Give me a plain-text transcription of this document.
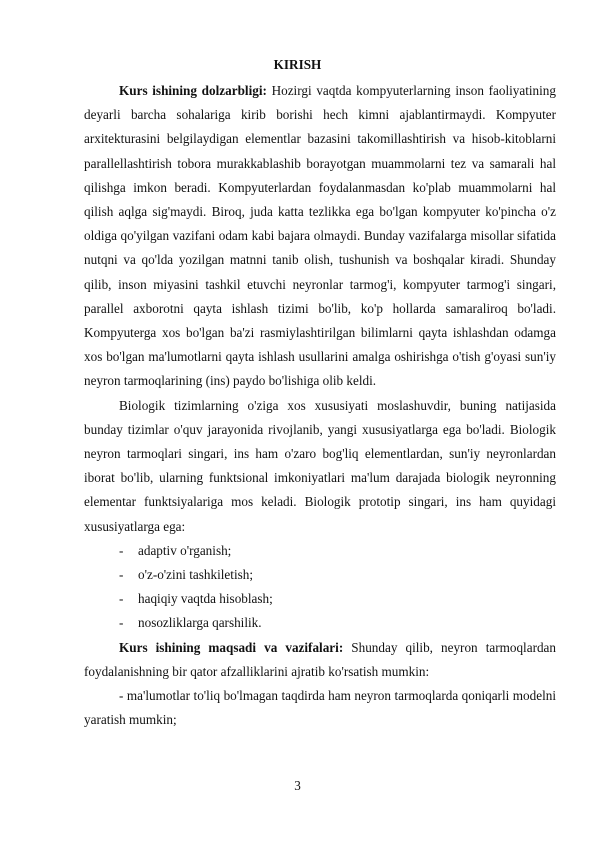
KIRISH

Kurs ishining dolzarbligi: Hozirgi vaqtda kompyuterlarning inson faoliyatining deyarli barcha sohalariga kirib borishi hech kimni ajablantirmaydi. Kompyuter arxitekturasini belgilaydigan elementlar bazasini takomillashtirish va hisob-kitoblarni parallellashtirish tobora murakkablashib borayotgan muammolarni tez va samarali hal qilishga imkon beradi. Kompyuterlardan foydalanmasdan ko'plab muammolarni hal qilish aqlga sig'maydi. Biroq, juda katta tezlikka ega bo'lgan kompyuter ko'pincha o'z oldiga qo'yilgan vazifani odam kabi bajara olmaydi. Bunday vazifalarga misollar sifatida nutqni va qo'lda yozilgan matnni tanib olish, tushunish va boshqalar kiradi. Shunday qilib, inson miyasini tashkil etuvchi neyronlar tarmog'i, kompyuter tarmog'i singari, parallel axborotni qayta ishlash tizimi bo'lib, ko'p hollarda samaraliroq bo'ladi. Kompyuterga xos bo'lgan ba'zi rasmiylashtirilgan bilimlarni qayta ishlashdan odamga xos bo'lgan ma'lumotlarni qayta ishlash usullarini amalga oshirishga o'tish g'oyasi sun'iy neyron tarmoqlarining (ins) paydo bo'lishiga olib keldi.

Biologik tizimlarning o'ziga xos xususiyati moslashuvdir, buning natijasida bunday tizimlar o'quv jarayonida rivojlanib, yangi xususiyatlarga ega bo'ladi. Biologik neyron tarmoqlari singari, ins ham o'zaro bog'liq elementlardan, sun'iy neyronlardan iborat bo'lib, ularning funktsional imkoniyatlari ma'lum darajada biologik neyronning elementar funktsiyalariga mos keladi. Biologik prototip singari, ins ham quyidagi xususiyatlarga ega:

- adaptiv o'rganish;
- o'z-o'zini tashkiletish;
- haqiqiy vaqtda hisoblash;
- nosozliklarga qarshilik.

Kurs ishining maqsadi va vazifalari: Shunday qilib, neyron tarmoqlardan foydalanishning bir qator afzalliklarini ajratib ko'rsatish mumkin:

- ma'lumotlar to'liq bo'lmagan taqdirda ham neyron tarmoqlarda qoniqarli modelni yaratish mumkin;

3
